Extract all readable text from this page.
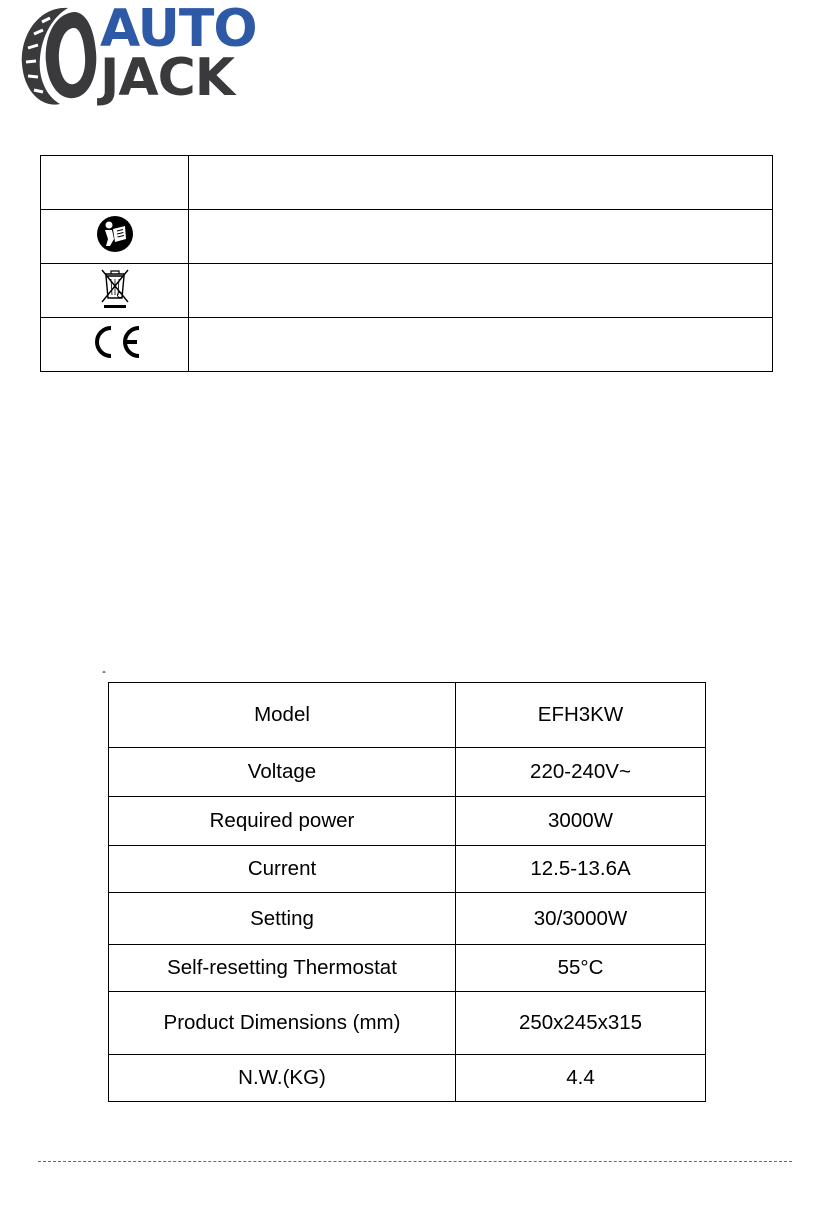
AUTO
JACK

-
Model	EFH3KW
Voltage	220-240V~
Required power	3000W
Current	12.5-13.6A
Setting	30/3000W
Self-resetting Thermostat	55°C
Product Dimensions (mm)	250x245x315
N.W.(KG)	4.4
